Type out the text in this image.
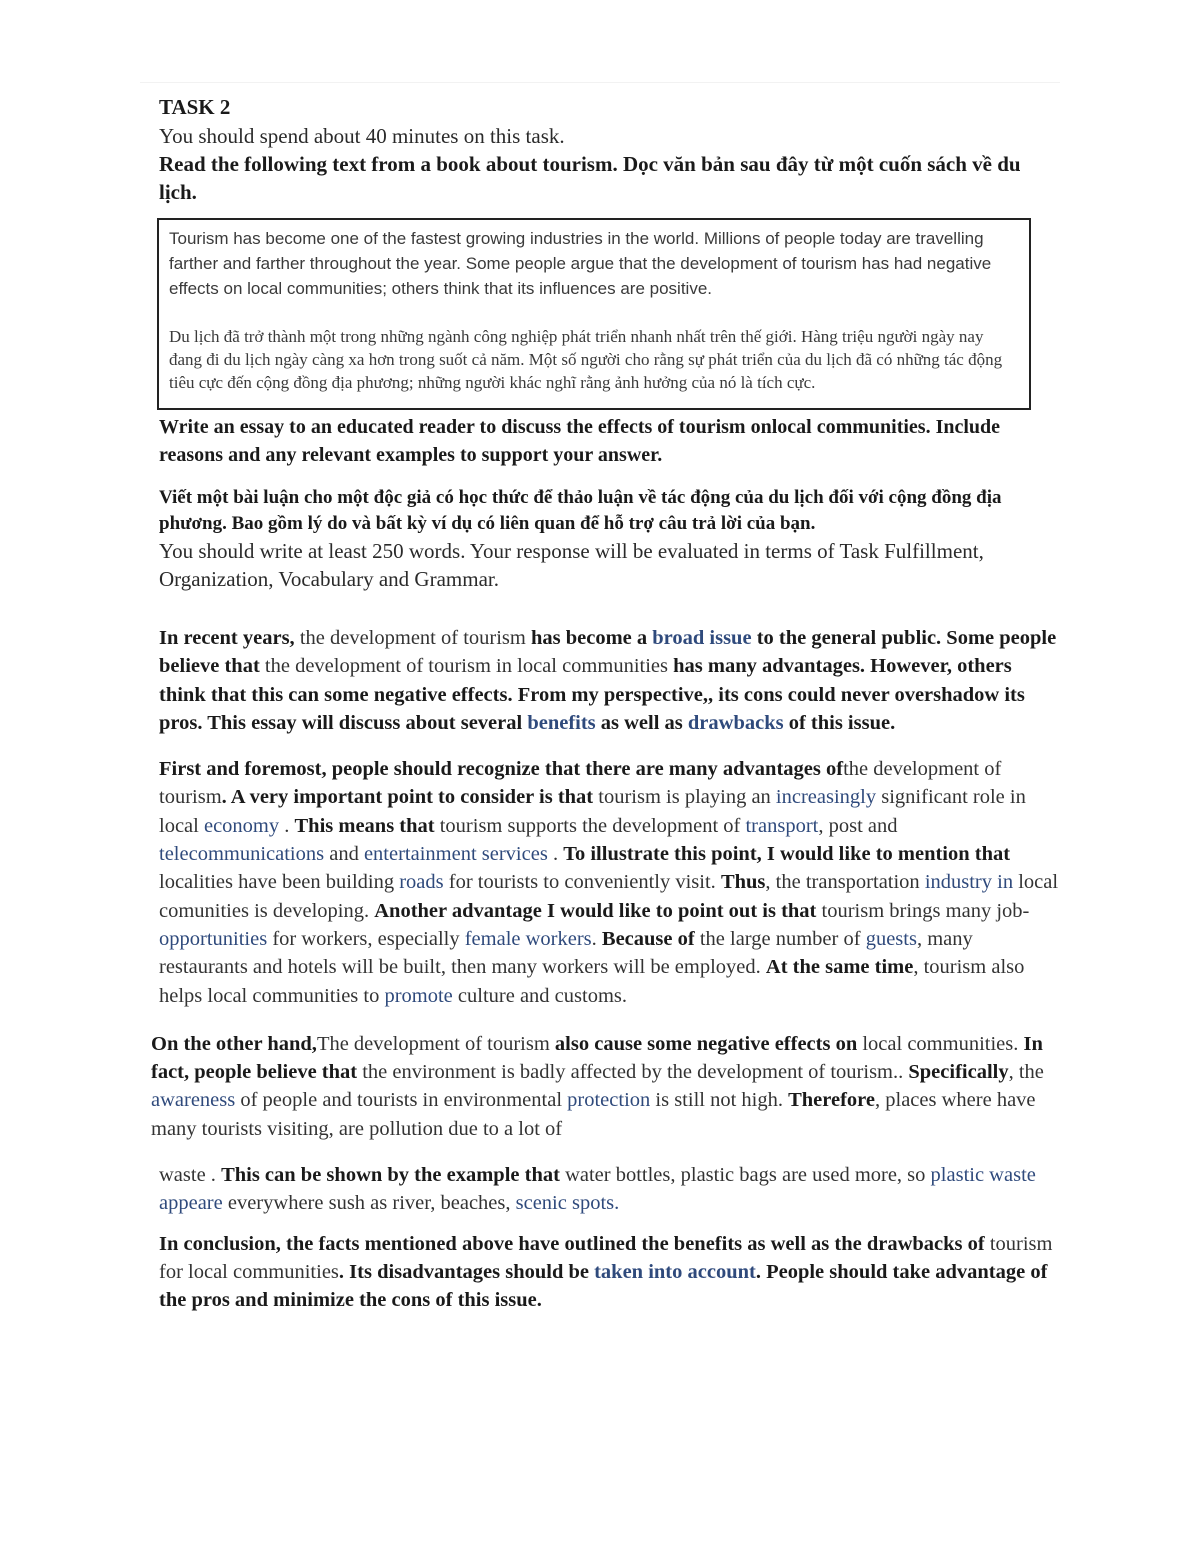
TASK 2

You should spend about 40 minutes on this task.

Read the following text from a book about tourism. Dọc văn bản sau đây từ một cuốn sách về du lịch.

Tourism has become one of the fastest growing industries in the world. Millions of people today are travelling farther and farther throughout the year. Some people argue that the development of tourism has had negative effects on local communities; others think that its influences are positive.

Du lịch đã trở thành một trong những ngành công nghiệp phát triển nhanh nhất trên thế giới. Hàng triệu người ngày nay đang đi du lịch ngày càng xa hơn trong suốt cả năm. Một số người cho rằng sự phát triển của du lịch đã có những tác động tiêu cực đến cộng đồng địa phương; những người khác nghĩ rằng ảnh hưởng của nó là tích cực.

Write an essay to an educated reader to discuss the effects of tourism onlocal communities. Include reasons and any relevant examples to support your answer.

Viết một bài luận cho một độc giả có học thức để thảo luận về tác động của du lịch đối với cộng đồng địa phương. Bao gồm lý do và bất kỳ ví dụ có liên quan để hỗ trợ câu trả lời của bạn.

You should write at least 250 words. Your response will be evaluated in terms of Task Fulfillment, Organization, Vocabulary and Grammar.

In recent years, the development of tourism has become a broad issue to the general public. Some people believe that the development of tourism in local communities has many advantages. However, others think that this can some negative effects. From my perspective,, its cons could never overshadow its pros. This essay will discuss about several benefits as well as drawbacks of this issue.

First and foremost, people should recognize that there are many advantages ofthe development of tourism. A very important point to consider is that tourism is playing an increasingly significant role in local economy . This means that tourism supports the development of transport, post and telecommunications and entertainment services . To illustrate this point, I would like to mention that localities have been building roads for tourists to conveniently visit. Thus, the transportation industry in local comunities is developing. Another advantage I would like to point out is that tourism brings many job-opportunities for workers, especially female workers. Because of the large number of guests, many restaurants and hotels will be built, then many workers will be employed. At the same time, tourism also helps local communities to promote culture and customs.

On the other hand,The development of tourism also cause some negative effects on local communities. In fact, people believe that the environment is badly affected by the development of tourism.. Specifically, the awareness of people and tourists in environmental protection is still not high. Therefore, places where have many tourists visiting, are pollution due to a lot of

waste . This can be shown by the example that water bottles, plastic bags are used more, so plastic waste appeare everywhere sush as river, beaches, scenic spots.

In conclusion, the facts mentioned above have outlined the benefits as well as the drawbacks of tourism for local communities. Its disadvantages should be taken into account. People should take advantage of the pros and minimize the cons of this issue.
